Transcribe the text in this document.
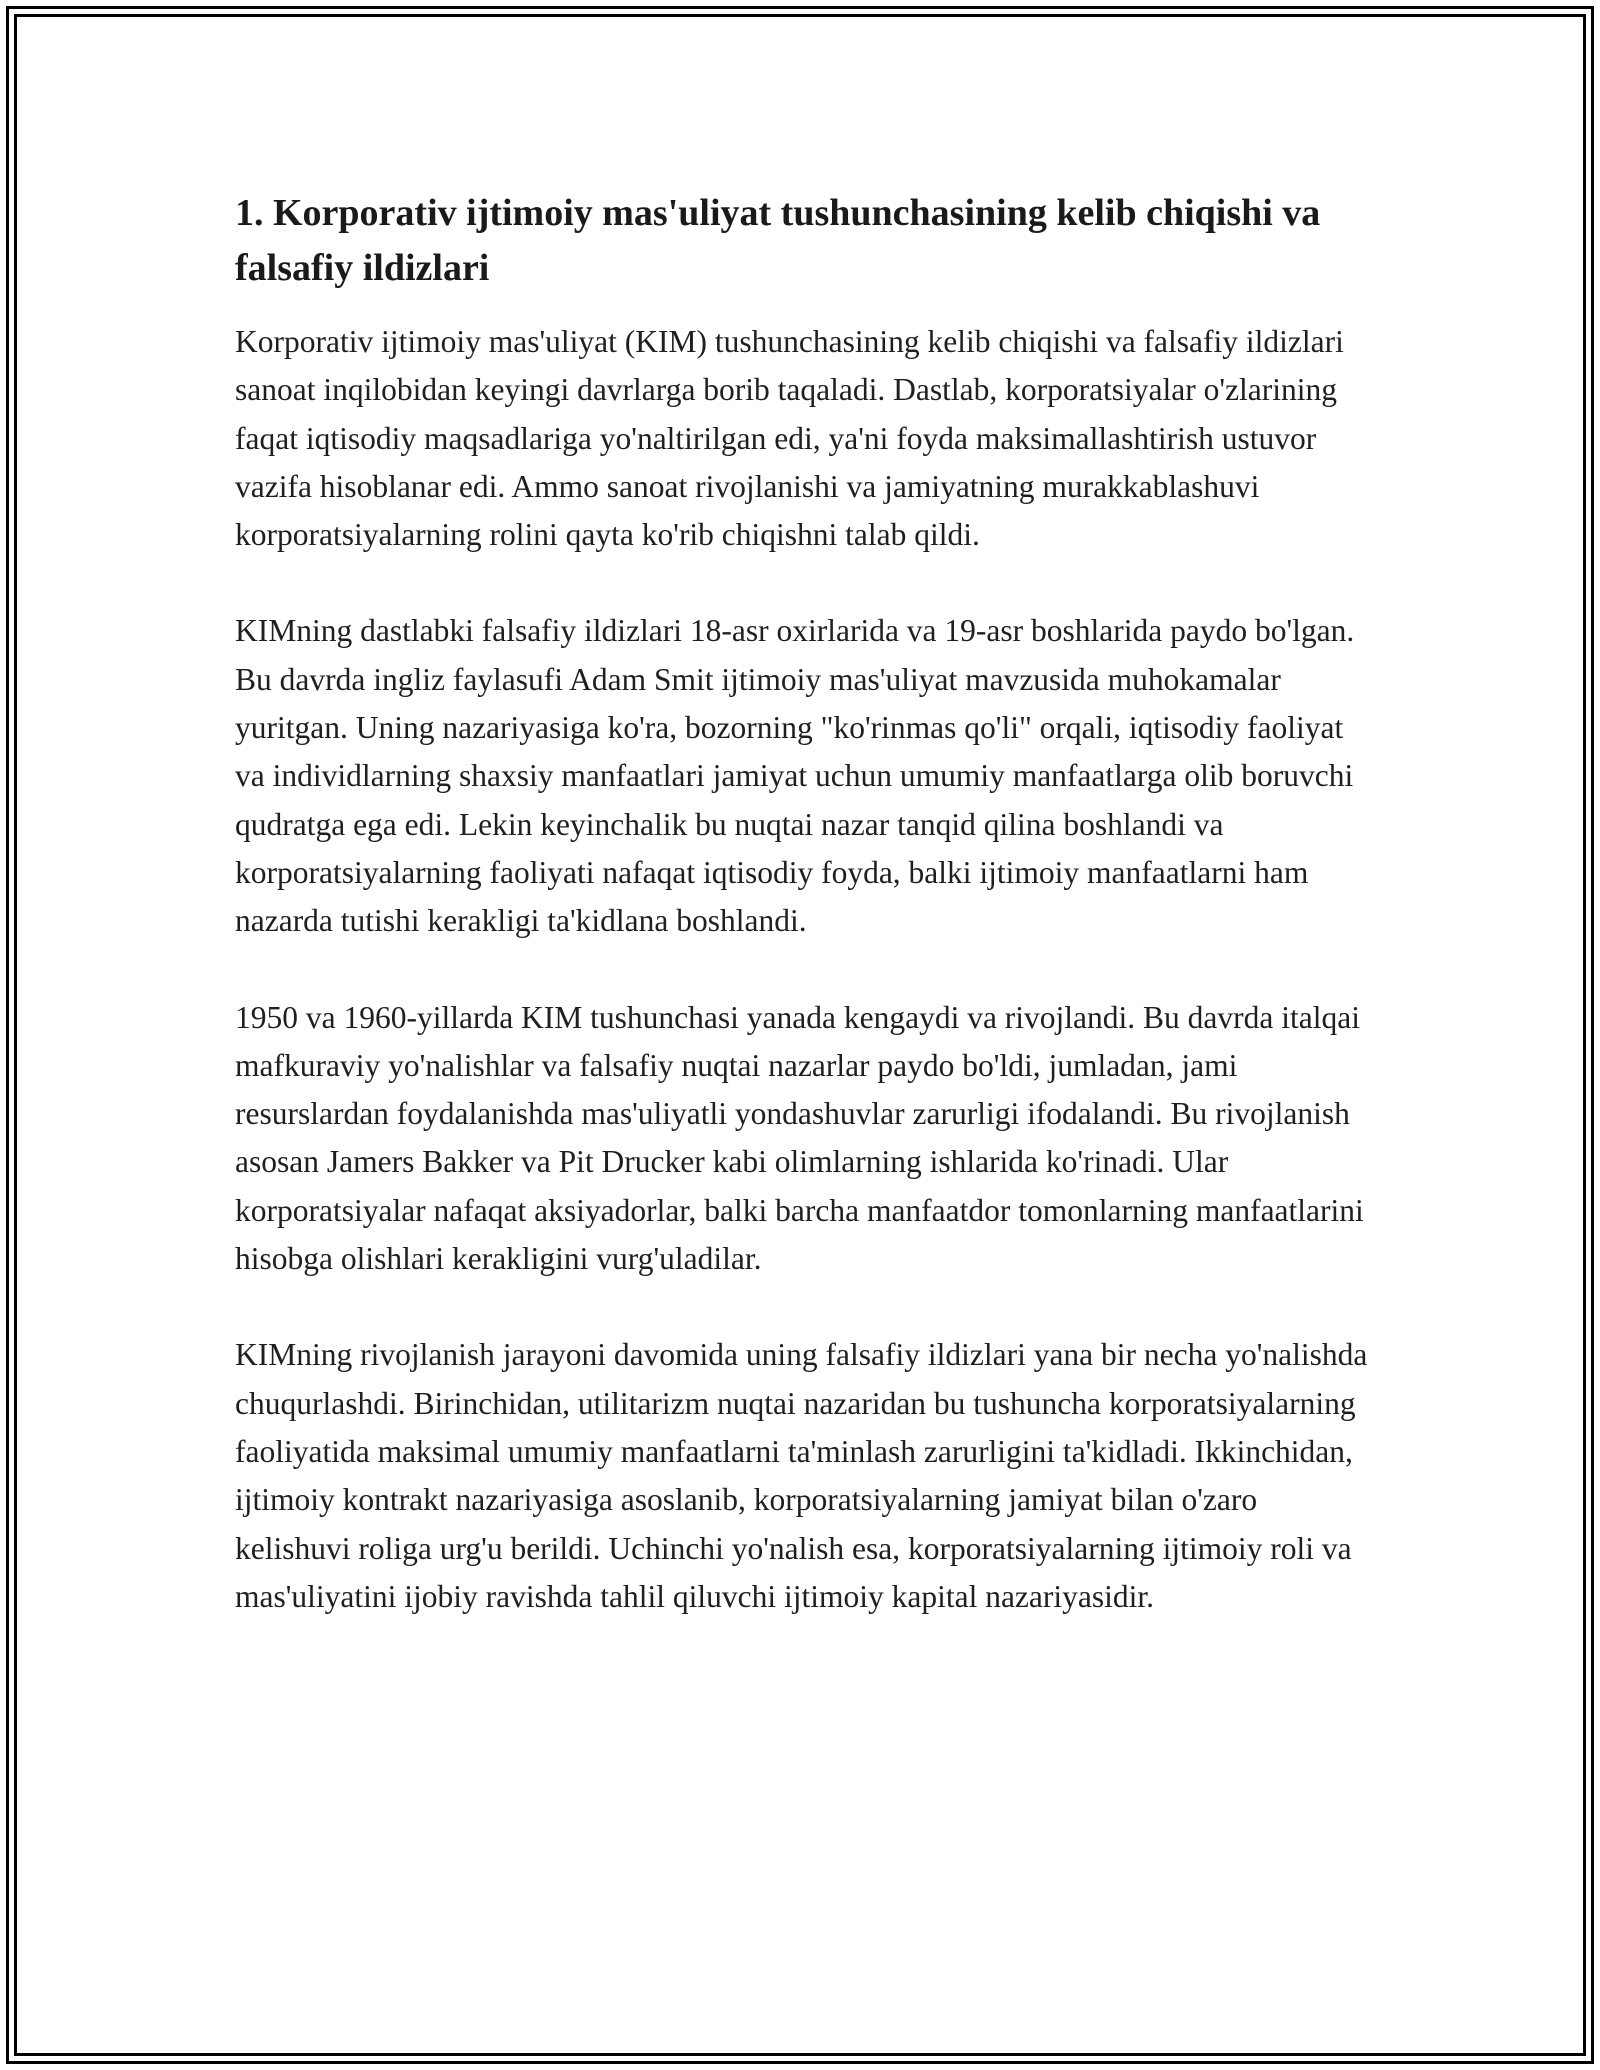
1. Korporativ ijtimoiy mas'uliyat tushunchasining kelib chiqishi va falsafiy ildizlari

Korporativ ijtimoiy mas'uliyat (KIM) tushunchasining kelib chiqishi va falsafiy ildizlari sanoat inqilobidan keyingi davrlarga borib taqaladi. Dastlab, korporatsiyalar o'zlarining faqat iqtisodiy maqsadlariga yo'naltirilgan edi, ya'ni foyda maksimallashtirish ustuvor vazifa hisoblanar edi. Ammo sanoat rivojlanishi va jamiyatning murakkablashuvi korporatsiyalarning rolini qayta ko'rib chiqishni talab qildi.

KIMning dastlabki falsafiy ildizlari 18-asr oxirlarida va 19-asr boshlarida paydo bo'lgan. Bu davrda ingliz faylasufi Adam Smit ijtimoiy mas'uliyat mavzusida muhokamalar yuritgan. Uning nazariyasiga ko'ra, bozorning "ko'rinmas qo'li" orqali, iqtisodiy faoliyat va individlarning shaxsiy manfaatlari jamiyat uchun umumiy manfaatlarga olib boruvchi qudratga ega edi. Lekin keyinchalik bu nuqtai nazar tanqid qilina boshlandi va korporatsiyalarning faoliyati nafaqat iqtisodiy foyda, balki ijtimoiy manfaatlarni ham nazarda tutishi kerakligi ta'kidlana boshlandi.

1950 va 1960-yillarda KIM tushunchasi yanada kengaydi va rivojlandi. Bu davrda italqai mafkuraviy yo'nalishlar va falsafiy nuqtai nazarlar paydo bo'ldi, jumladan, jami resurslardan foydalanishda mas'uliyatli yondashuvlar zarurligi ifodalandi. Bu rivojlanish asosan Jamers Bakker va Pit Drucker kabi olimlarning ishlarida ko'rinadi. Ular korporatsiyalar nafaqat aksiyadorlar, balki barcha manfaatdor tomonlarning manfaatlarini hisobga olishlari kerakligini vurg'uladilar.

KIMning rivojlanish jarayoni davomida uning falsafiy ildizlari yana bir necha yo'nalishda chuqurlashdi. Birinchidan, utilitarizm nuqtai nazaridan bu tushuncha korporatsiyalarning faoliyatida maksimal umumiy manfaatlarni ta'minlash zarurligini ta'kidladi. Ikkinchidan, ijtimoiy kontrakt nazariyasiga asoslanib, korporatsiyalarning jamiyat bilan o'zaro kelishuvi roliga urg'u berildi. Uchinchi yo'nalish esa, korporatsiyalarning ijtimoiy roli va mas'uliyatini ijobiy ravishda tahlil qiluvchi ijtimoiy kapital nazariyasidir.
